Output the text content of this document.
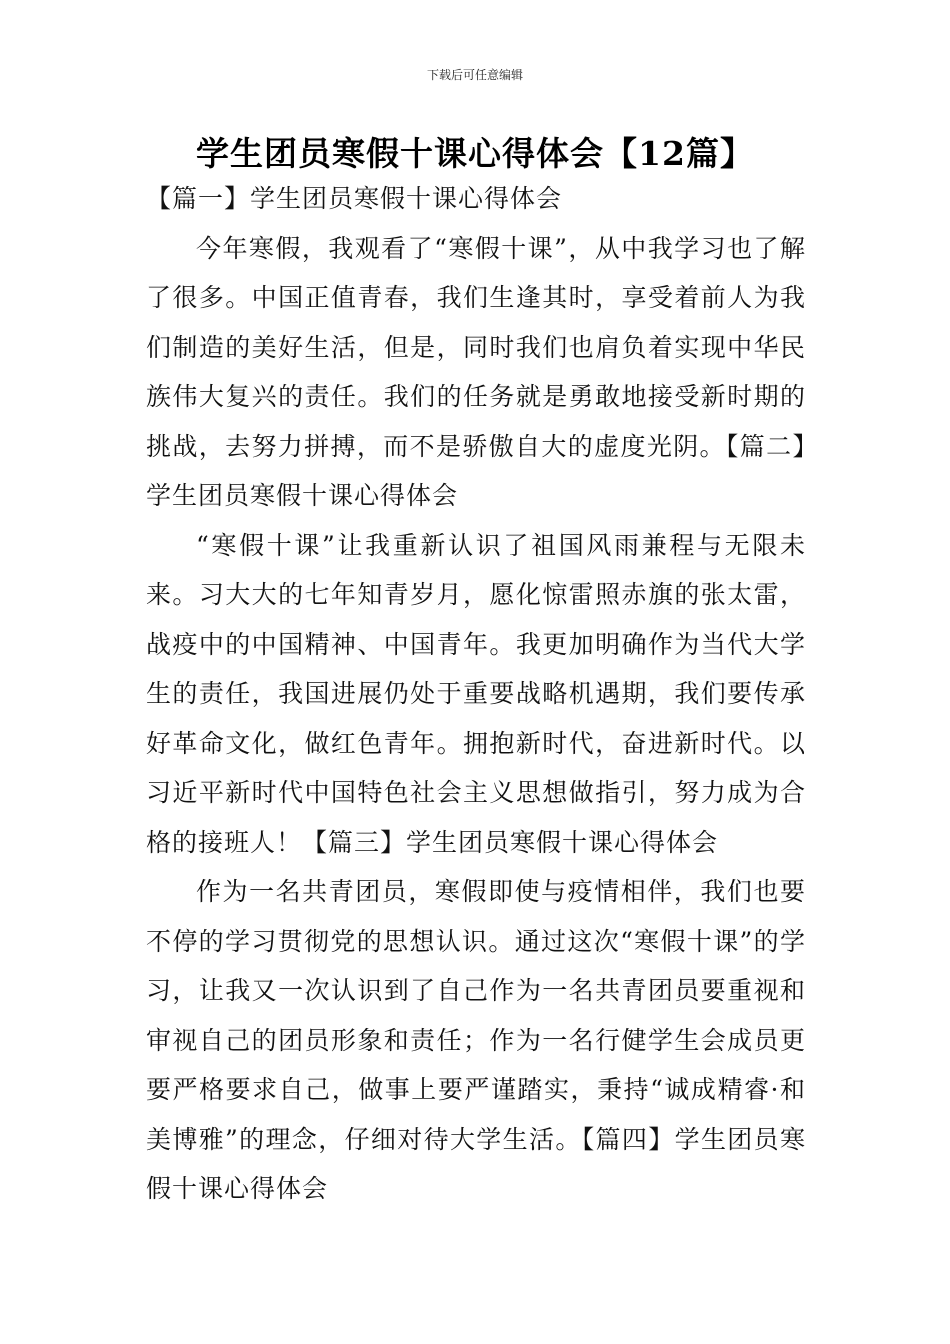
下载后可任意编辑
学生团员寒假十课心得体会【12篇】

【篇一】学生团员寒假十课心得体会

今年寒假，我观看了“寒假十课”，从中我学习也了解了很多。中国正值青春，我们生逢其时，享受着前人为我们制造的美好生活，但是，同时我们也肩负着实现中华民族伟大复兴的责任。我们的任务就是勇敢地接受新时期的挑战，去努力拼搏，而不是骄傲自大的虚度光阴。【篇二】学生团员寒假十课心得体会

“寒假十课”让我重新认识了祖国风雨兼程与无限未来。习大大的七年知青岁月，愿化惊雷照赤旗的张太雷，战疫中的中国精神、中国青年。我更加明确作为当代大学生的责任，我国进展仍处于重要战略机遇期，我们要传承好革命文化，做红色青年。拥抱新时代，奋进新时代。以习近平新时代中国特色社会主义思想做指引，努力成为合格的接班人！【篇三】学生团员寒假十课心得体会

作为一名共青团员，寒假即使与疫情相伴，我们也要不停的学习贯彻党的思想认识。通过这次“寒假十课”的学习，让我又一次认识到了自己作为一名共青团员要重视和审视自己的团员形象和责任；作为一名行健学生会成员更要严格要求自己，做事上要严谨踏实，秉持“诚成精睿·和美博雅”的理念，仔细对待大学生活。【篇四】学生团员寒假十课心得体会
